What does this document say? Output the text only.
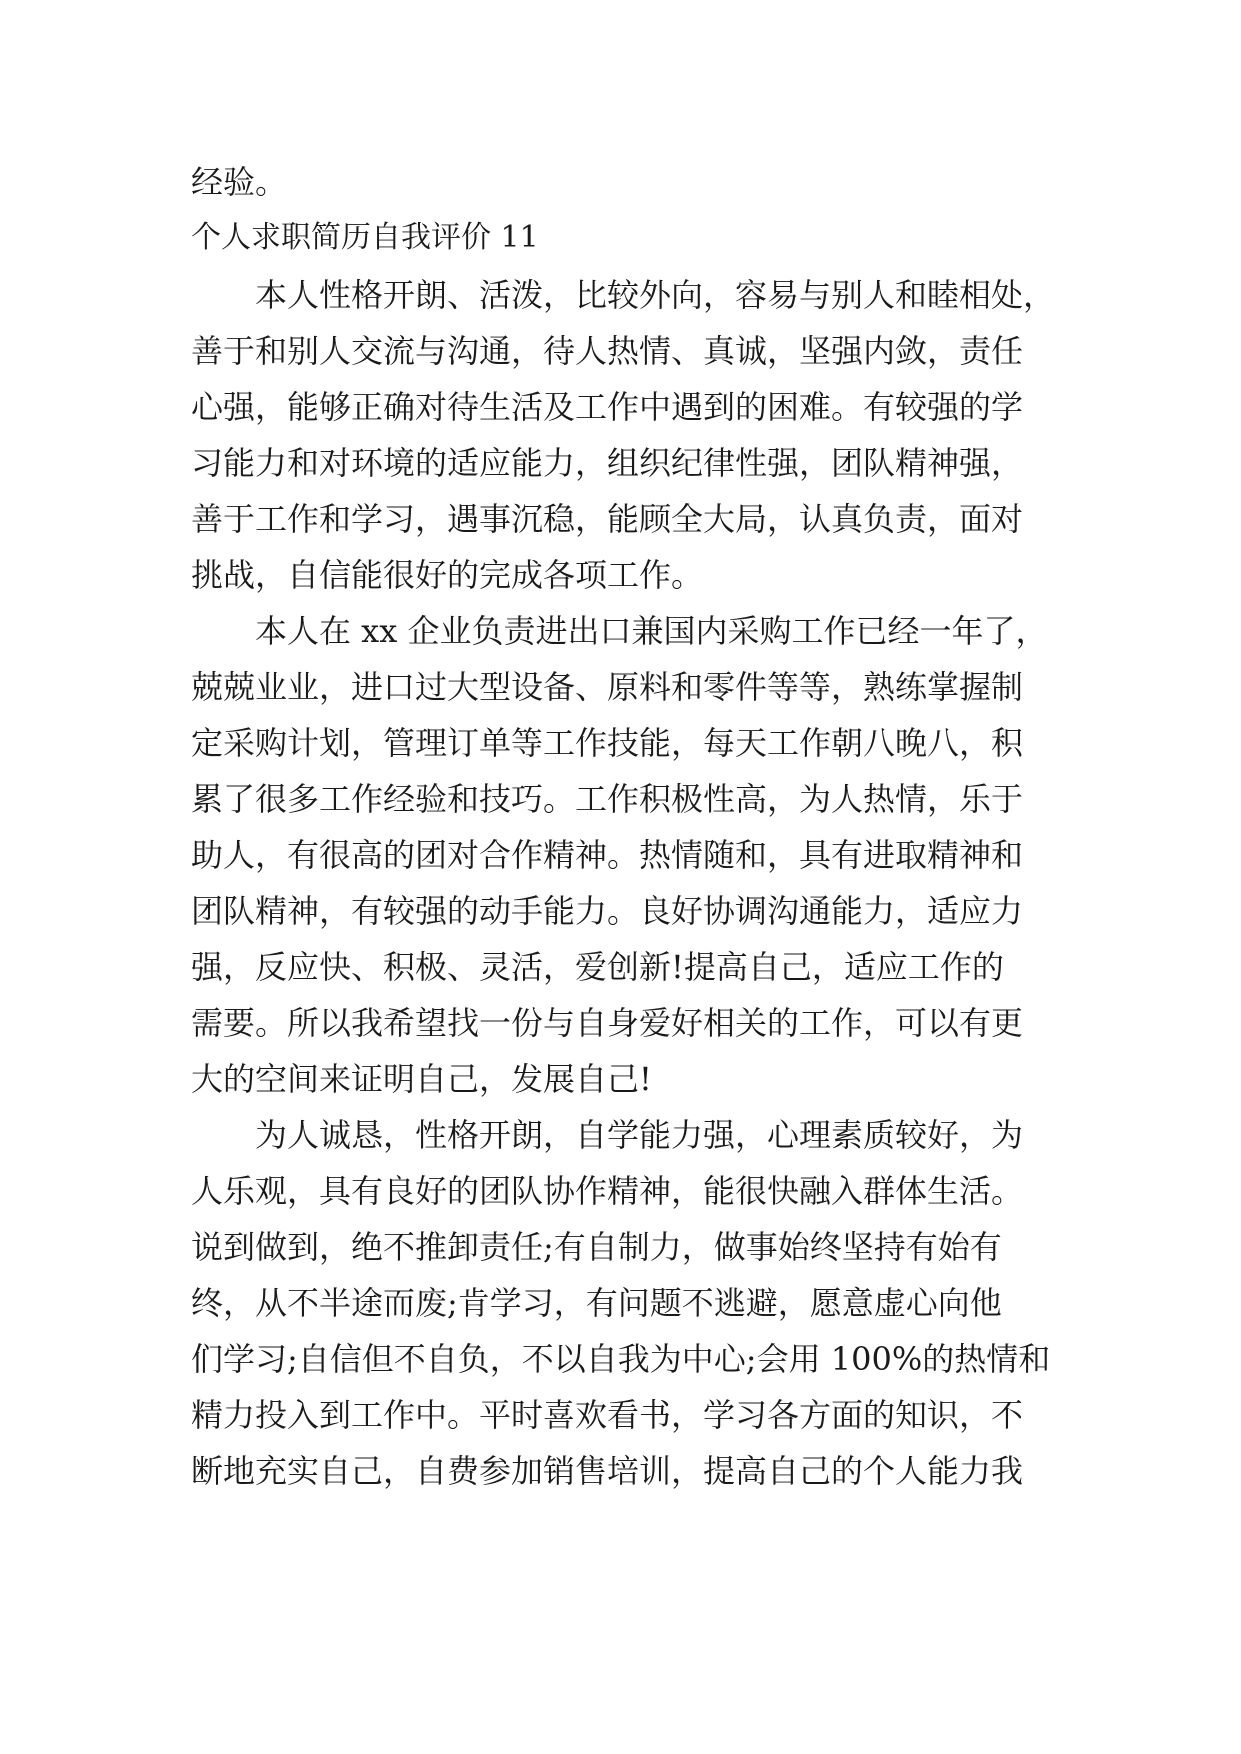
经验。

个人求职简历自我评价 11

本人性格开朗、活泼，比较外向，容易与别人和睦相处，

善于和别人交流与沟通，待人热情、真诚，坚强内敛，责任

心强，能够正确对待生活及工作中遇到的困难。有较强的学

习能力和对环境的适应能力，组织纪律性强，团队精神强，

善于工作和学习，遇事沉稳，能顾全大局，认真负责，面对

挑战，自信能很好的完成各项工作。

本人在 xx 企业负责进出口兼国内采购工作已经一年了，

兢兢业业，进口过大型设备、原料和零件等等，熟练掌握制

定采购计划，管理订单等工作技能，每天工作朝八晚八，积

累了很多工作经验和技巧。工作积极性高，为人热情，乐于

助人，有很高的团对合作精神。热情随和，具有进取精神和

团队精神，有较强的动手能力。良好协调沟通能力，适应力

强，反应快、积极、灵活，爱创新!提高自己，适应工作的

需要。所以我希望找一份与自身爱好相关的工作，可以有更

大的空间来证明自己，发展自己!

为人诚恳，性格开朗，自学能力强，心理素质较好，为

人乐观，具有良好的团队协作精神，能很快融入群体生活。

说到做到，绝不推卸责任;有自制力，做事始终坚持有始有

终，从不半途而废;肯学习，有问题不逃避，愿意虚心向他

们学习;自信但不自负，不以自我为中心;会用 100%的热情和

精力投入到工作中。平时喜欢看书，学习各方面的知识，不

断地充实自己，自费参加销售培训，提高自己的个人能力我
